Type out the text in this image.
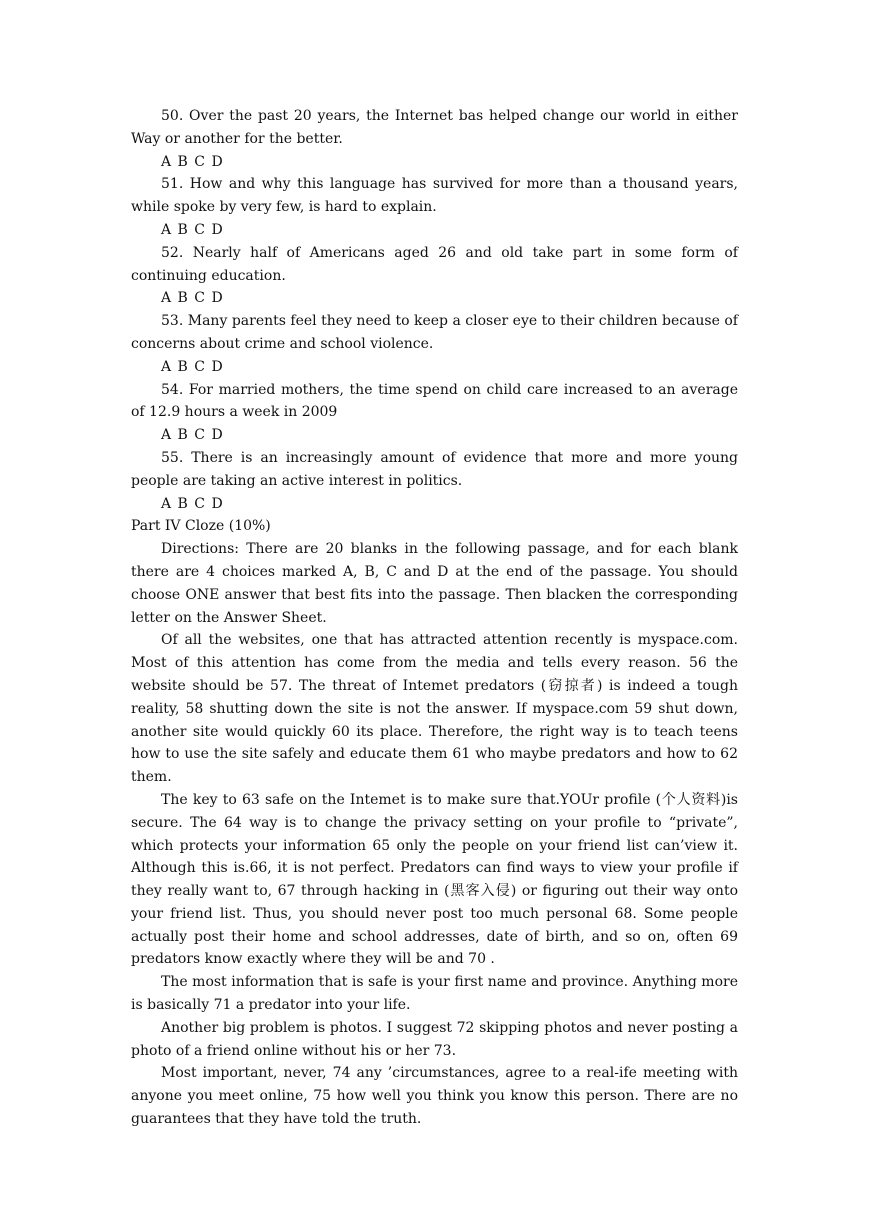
50. Over the past 20 years, the Internet bas helped change our world in either Way or another for the better.
A B C D
51. How and why this language has survived for more than a thousand years, while spoke by very few, is hard to explain.
A B C D
52. Nearly half of Americans aged 26 and old take part in some form of continuing education.
A B C D
53. Many parents feel they need to keep a closer eye to their children because of concerns about crime and school violence.
A B C D
54. For married mothers, the time spend on child care increased to an average of 12.9 hours a week in 2009
A B C D
55. There is an increasingly amount of evidence that more and more young people are taking an active interest in politics.
A B C D
Part IV Cloze (10%)
Directions: There are 20 blanks in the following passage, and for each blank there are 4 choices marked A, B, C and D at the end of the passage. You should choose ONE answer that best fits into the passage. Then blacken the corresponding letter on the Answer Sheet.
Of all the websites, one that has attracted attention recently is myspace.com. Most of this attention has come from the media and tells every reason. 56 the website should be 57. The threat of Intemet predators (窃掠者) is indeed a tough reality, 58 shutting down the site is not the answer. If myspace.com 59 shut down, another site would quickly 60 its place. Therefore, the right way is to teach teens how to use the site safely and educate them 61 who maybe predators and how to 62 them.
The key to 63 safe on the Intemet is to make sure that.YOUr profile (个人资料)is secure. The 64 way is to change the privacy setting on your profile to “private”, which protects your information 65 only the people on your friend list can’view it. Although this is.66, it is not perfect. Predators can find ways to view your profile if they really want to, 67 through hacking in (黑客入侵) or figuring out their way onto your friend list. Thus, you should never post too much personal 68. Some people actually post their home and school addresses, date of birth, and so on, often 69 predators know exactly where they will be and 70 .
The most information that is safe is your first name and province. Anything more is basically 71 a predator into your life.
Another big problem is photos. I suggest 72 skipping photos and never posting a photo of a friend online without his or her 73.
Most important, never, 74 any ’circumstances, agree to a real-ife meeting with anyone you meet online, 75 how well you think you know this person. There are no guarantees that they have told the truth.
